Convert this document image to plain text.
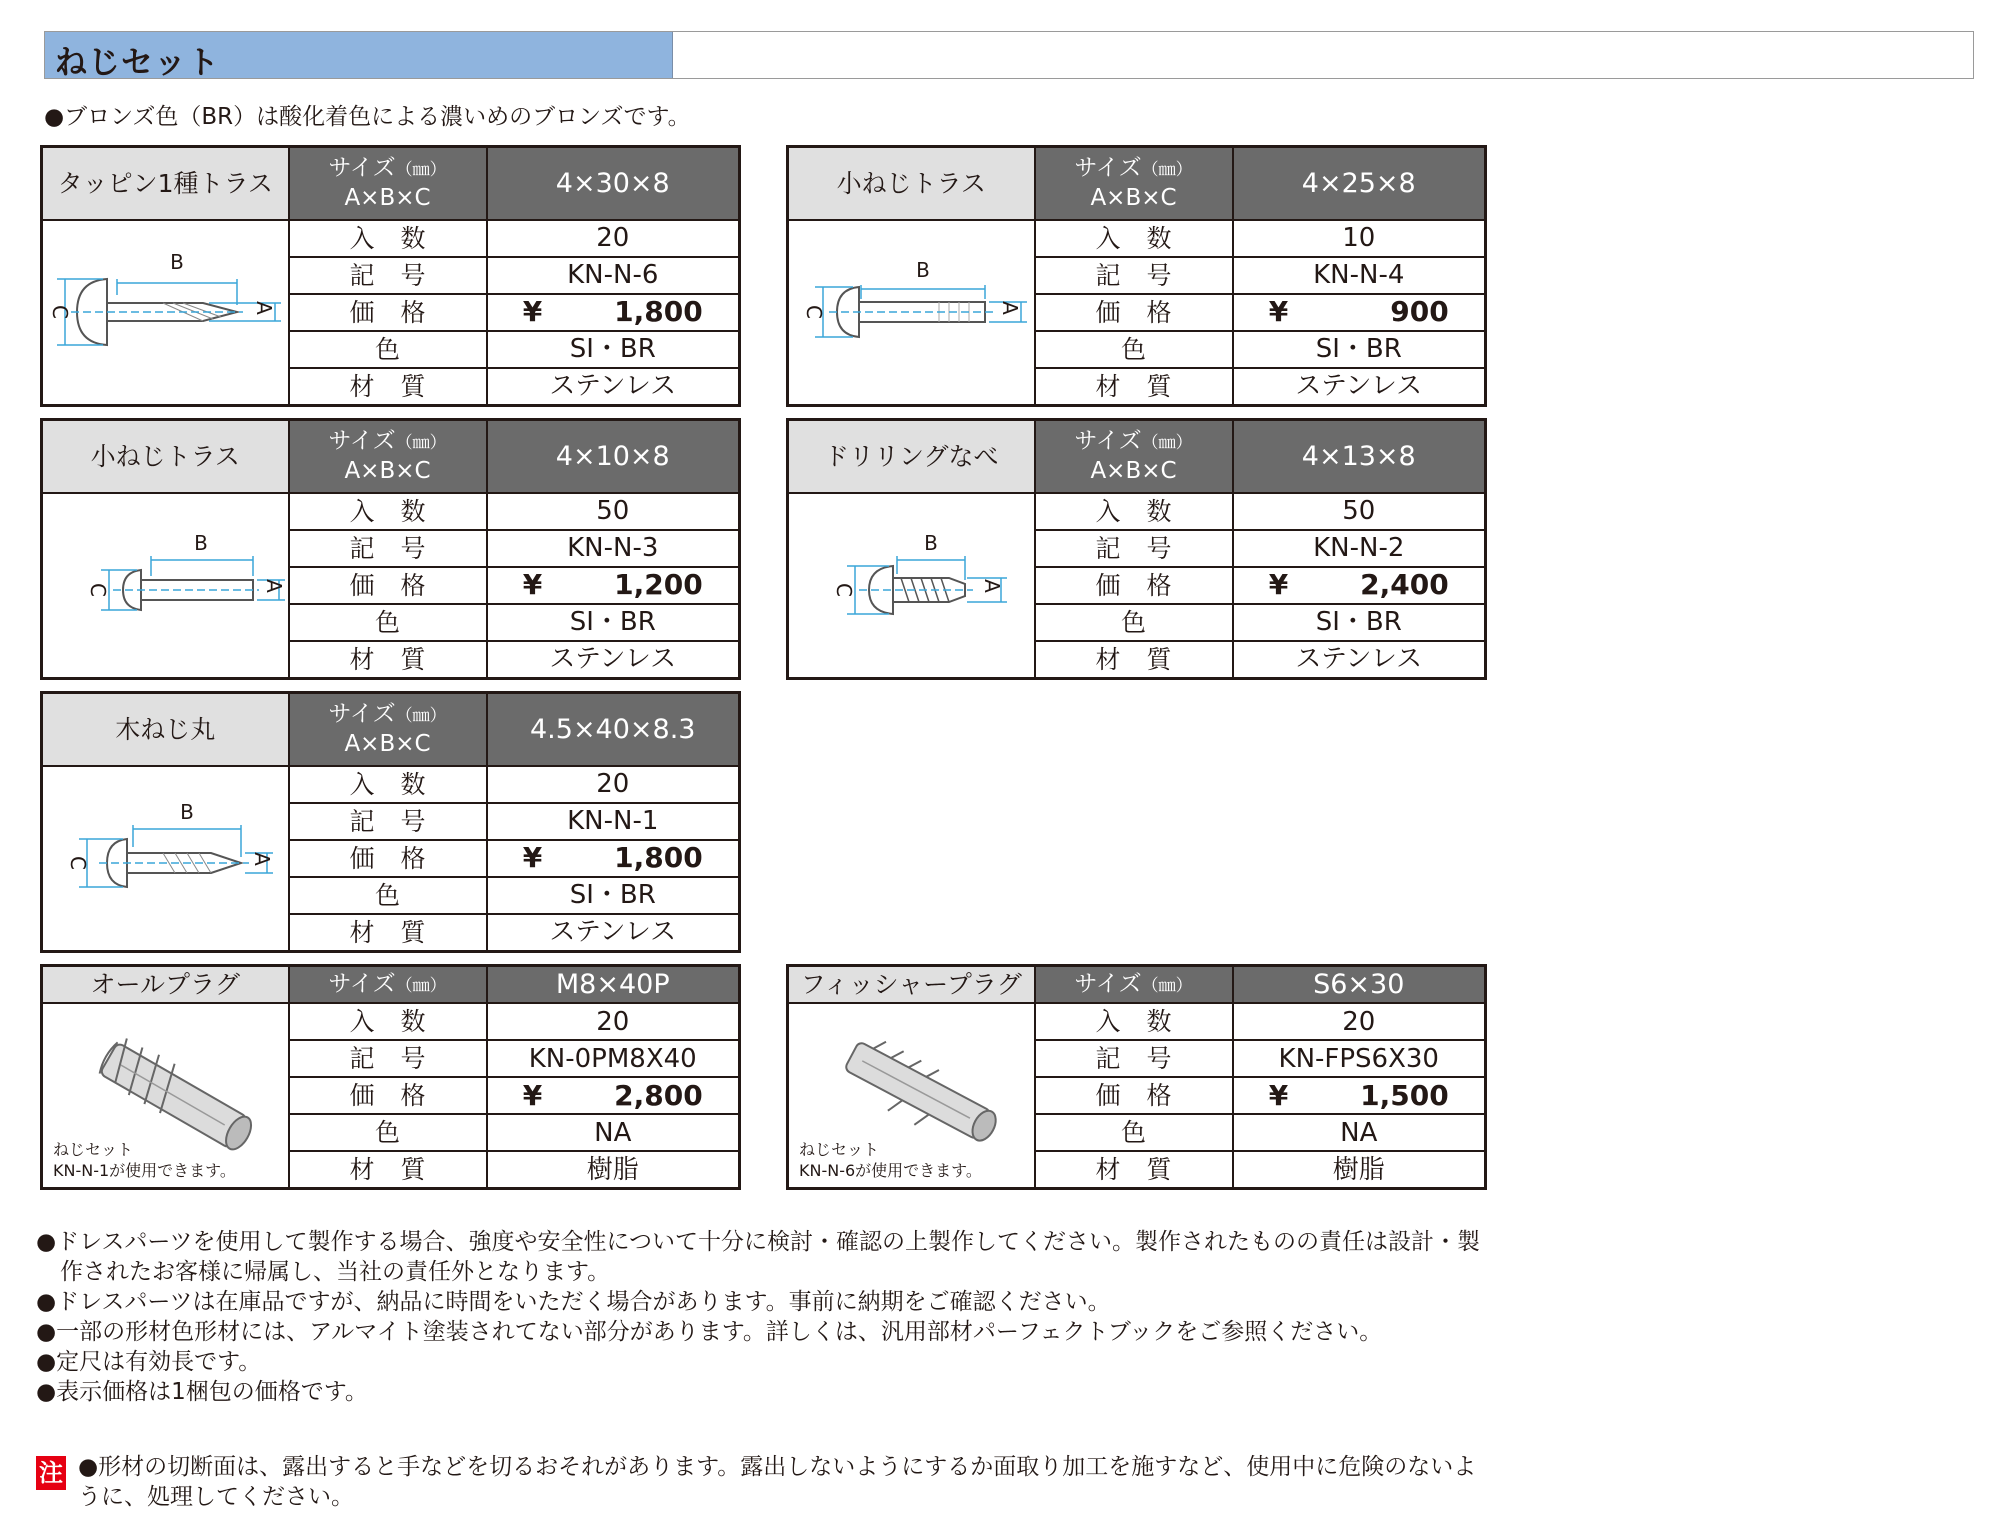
ねじセット
●ブロンズ色（BR）は酸化着色による濃いめのブロンズです。
タッピン1種トラス	サイズ（㎜）
A×B×C	4×30×8

B
C A	入 数	20
	記 号	KN-N-6
	価 格	¥ 1,800
	色	SI・BR
	材 質	ステンレス
小ねじトラス	サイズ（㎜）
A×B×C	4×25×8

B
C A	入 数	10
	記 号	KN-N-4
	価 格	¥ 900
	色	SI・BR
	材 質	ステンレス
小ねじトラス	サイズ（㎜）
A×B×C	4×10×8

B
C A	入 数	50
	記 号	KN-N-3
	価 格	¥ 1,200
	色	SI・BR
	材 質	ステンレス
ドリリングなべ	サイズ（㎜）
A×B×C	4×13×8

B
C A	入 数	50
	記 号	KN-N-2
	価 格	¥ 2,400
	色	SI・BR
	材 質	ステンレス
木ねじ丸	サイズ（㎜）
A×B×C	4.5×40×8.3

B
C A	入 数	20
	記 号	KN-N-1
	価 格	¥ 1,800
	色	SI・BR
	材 質	ステンレス
オールプラグ	サイズ（㎜）	M8×40P

ねじセット
KN-N-1が使用できます。	入 数	20
	記 号	KN-0PM8X40
	価 格	¥ 2,800
	色	NA
	材 質	樹脂
フィッシャープラグ	サイズ（㎜）	S6×30

ねじセット
KN-N-6が使用できます。	入 数	20
	記 号	KN-FPS6X30
	価 格	¥ 1,500
	色	NA
	材 質	樹脂

●ドレスパーツを使用して製作する場合、強度や安全性について十分に検討・確認の上製作してください。製作されたものの責任は設計・製

作されたお客様に帰属し、当社の責任外となります。

●ドレスパーツは在庫品ですが、納品に時間をいただく場合があります。事前に納期をご確認ください。

●一部の形材色形材には、アルマイト塗装されてない部分があります。詳しくは、汎用部材パーフェクトブックをご参照ください。

●定尺は有効長です。

●表示価格は1梱包の価格です。

注 ●形材の切断面は、露出すると手などを切るおそれがあります。露出しないようにするか面取り加工を施すなど、使用中に危険のないように、処理してください。
